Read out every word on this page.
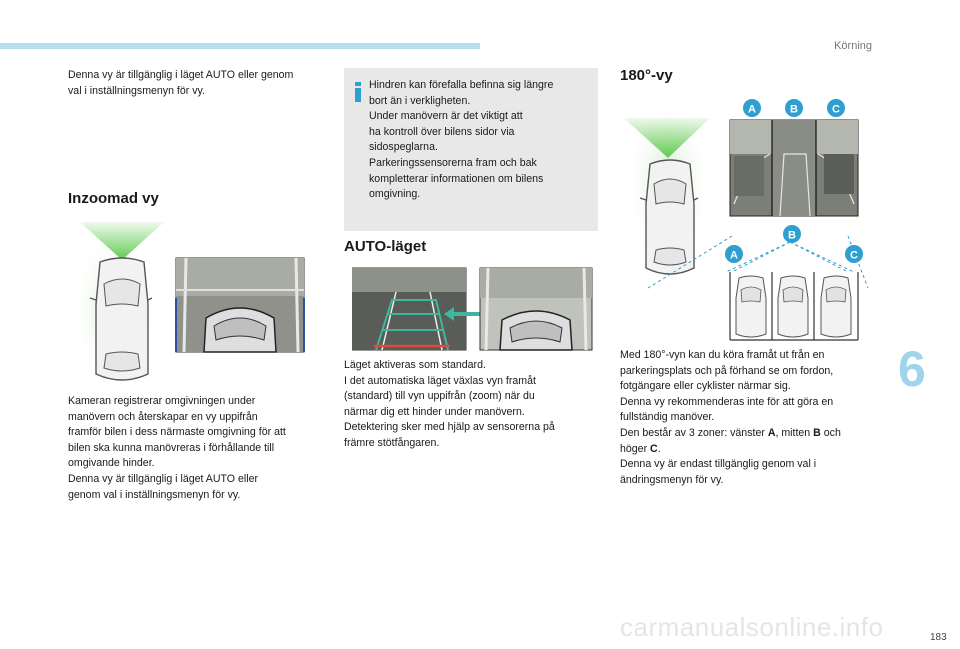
Körning
Denna vy är tillgänglig i läget AUTO eller genom val i inställningsmenyn för vy.
Inzoomad vy
Kameran registrerar omgivningen under
manövern och återskapar en vy uppifrån
framför bilen i dess närmaste omgivning för att
bilen ska kunna manövreras i förhållande till
omgivande hinder.
Denna vy är tillgänglig i läget AUTO eller
genom val i inställningsmenyn för vy.
Hindren kan förefalla befinna sig längre
bort än i verkligheten.
Under manövern är det viktigt att
ha kontroll över bilens sidor via
sidospeglarna.
Parkeringssensorerna fram och bak
kompletterar informationen om bilens
omgivning.
AUTO-läget
Läget aktiveras som standard.
I det automatiska läget växlas vyn framåt
(standard) till vyn uppifrån (zoom) när du
närmar dig ett hinder under manövern.
Detektering sker med hjälp av sensorerna på
främre stötfångaren.
180°-vy
A	B	C
B
A	C
Med 180°-vyn kan du köra framåt ut från en
parkeringsplats och på förhand se om fordon,
fotgängare eller cyklister närmar sig.
Denna vy rekommenderas inte för att göra en
fullständig manöver.
Den består av 3 zoner: vänster A, mitten B och
höger C.
Denna vy är endast tillgänglig genom val i
ändringsmenyn för vy.
6
carmanualsonline.info	183
